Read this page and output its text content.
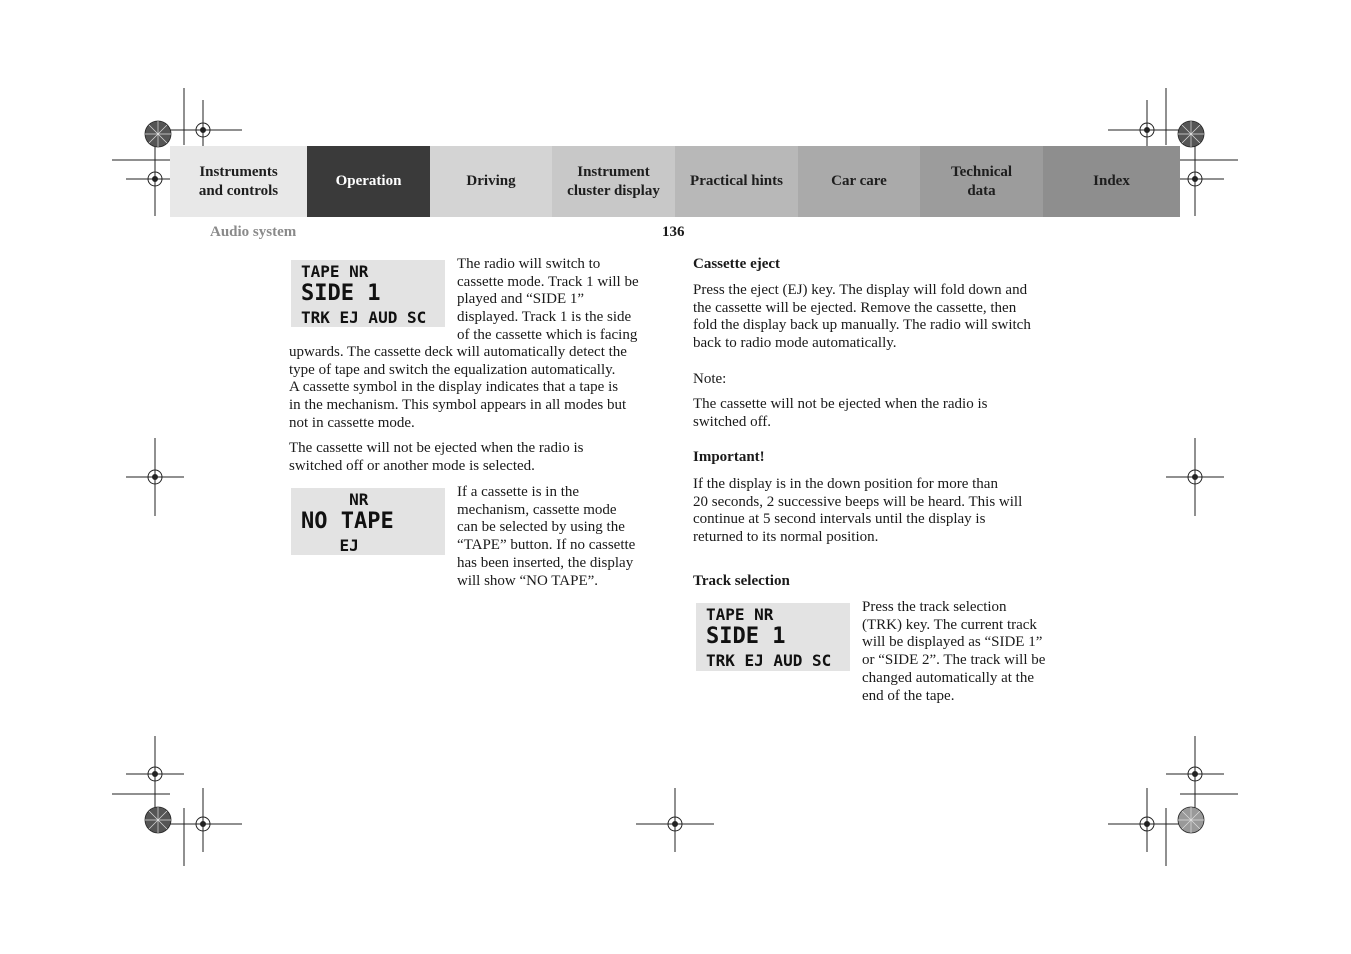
Instruments
and controls
Operation	Driving
Instrument
cluster display
Practical hints	Car care
Technical
data
Index
Audio system	136
TAPE NR
SIDE 1
TRK EJ AUD SC
The radio will switch to
cassette mode. Track 1 will be
played and “SIDE 1”
displayed. Track 1 is the side
of the cassette which is facing
upwards. The cassette deck will automatically detect the
type of tape and switch the equalization automatically.
A cassette symbol in the display indicates that a tape is
in the mechanism. This symbol appears in all modes but
not in cassette mode.
The cassette will not be ejected when the radio is
switched off or another mode is selected.
NR
NO TAPE
EJ
If a cassette is in the
mechanism, cassette mode
can be selected by using the
“TAPE” button. If no cassette
has been inserted, the display
will show “NO TAPE”.
Cassette eject
Press the eject (EJ) key. The display will fold down and
the cassette will be ejected. Remove the cassette, then
fold the display back up manually. The radio will switch
back to radio mode automatically.
Note:
The cassette will not be ejected when the radio is
switched off.
Important!
If the display is in the down position for more than
20 seconds, 2 successive beeps will be heard. This will
continue at 5 second intervals until the display is
returned to its normal position.
Track selection
TAPE NR
SIDE 1
TRK EJ AUD SC
Press the track selection
(TRK) key. The current track
will be displayed as “SIDE 1”
or “SIDE 2”. The track will be
changed automatically at the
end of the tape.
